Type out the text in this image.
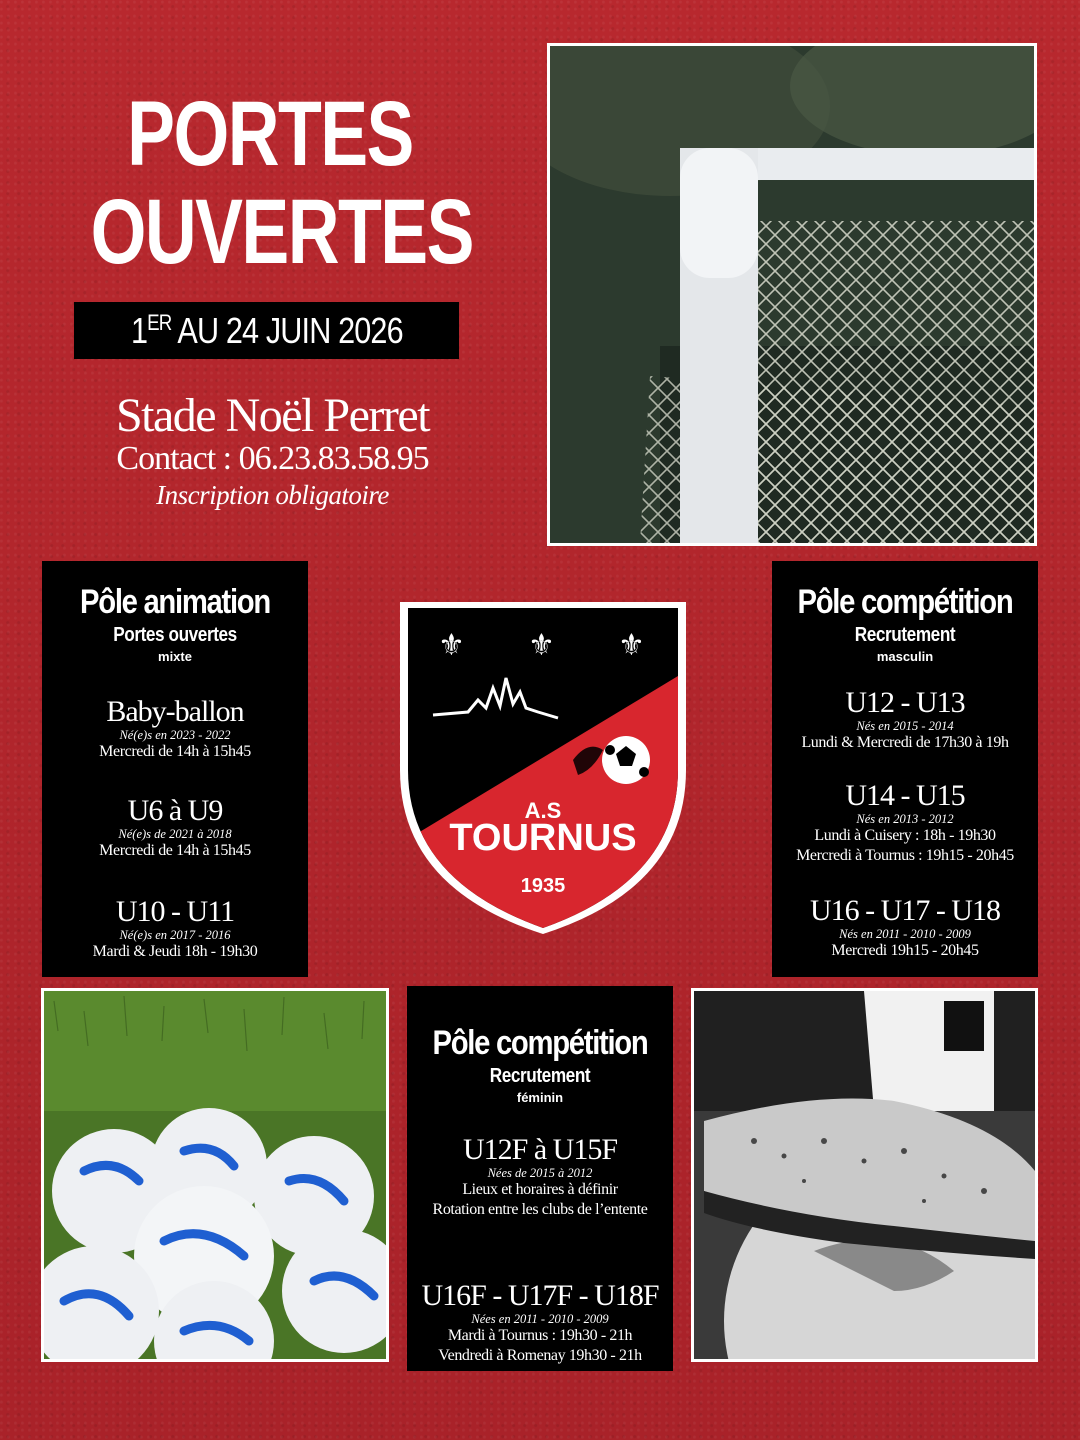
PORTES
OUVERTES
1ER AU 24 JUIN 2026
Stade Noël Perret
Contact : 06.23.83.58.95
Inscription obligatoire
⚜ ⚜ ⚜
A.S
TOURNUS
1935
Pôle animation
Portes ouvertes
mixte
Baby-ballon
Né(e)s en 2023 - 2022
Mercredi de 14h à 15h45
U6 à U9
Né(e)s de 2021 à 2018
Mercredi de 14h à 15h45
U10 - U11
Né(e)s en 2017 - 2016
Mardi & Jeudi 18h - 19h30
Pôle compétition
Recrutement
masculin
U12 - U13
Nés en 2015 - 2014
Lundi & Mercredi de 17h30 à 19h
U14 - U15
Nés en 2013 - 2012
Lundi à Cuisery : 18h - 19h30
Mercredi à Tournus : 19h15 - 20h45
U16 - U17 - U18
Nés en 2011 - 2010 - 2009
Mercredi 19h15 - 20h45
Pôle compétition
Recrutement
féminin
U12F à U15F
Nées de 2015 à 2012
Lieux et horaires à définir
Rotation entre les clubs de l’entente
U16F - U17F - U18F
Nées en 2011 - 2010 - 2009
Mardi à Tournus : 19h30 - 21h
Vendredi à Romenay 19h30 - 21h
